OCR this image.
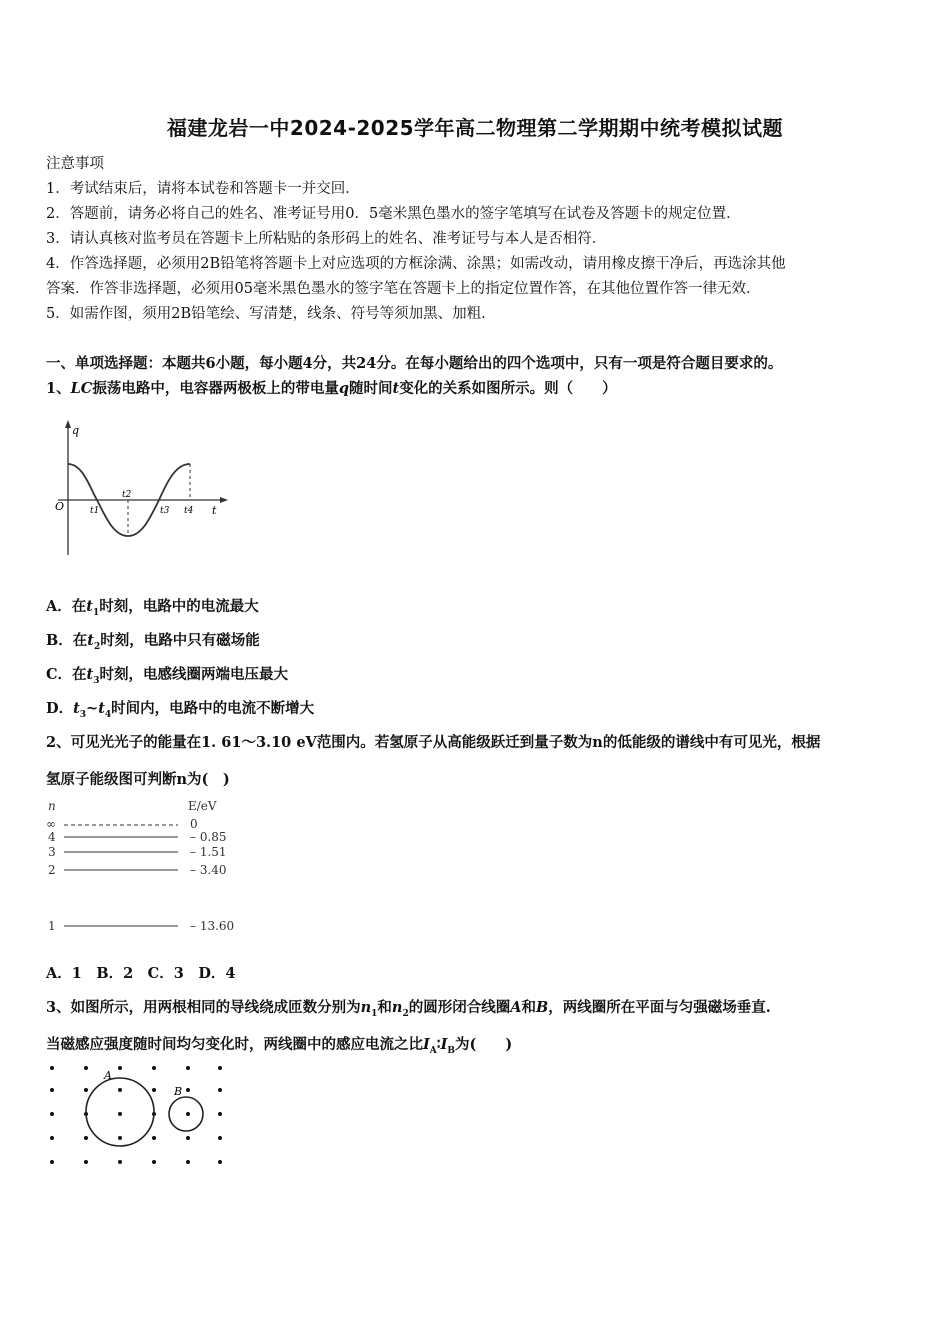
福建龙岩一中2024-2025学年高二物理第二学期期中统考模拟试题
注意事项
1．考试结束后，请将本试卷和答题卡一并交回．
2．答题前，请务必将自己的姓名、准考证号用0．5毫米黑色墨水的签字笔填写在试卷及答题卡的规定位置．
3．请认真核对监考员在答题卡上所粘贴的条形码上的姓名、准考证号与本人是否相符．
4．作答选择题，必须用2B铅笔将答题卡上对应选项的方框涂满、涂黑；如需改动，请用橡皮擦干净后，再选涂其他
答案．作答非选择题，必须用05毫米黑色墨水的签字笔在答题卡上的指定位置作答，在其他位置作答一律无效．
5．如需作图，须用2B铅笔绘、写清楚，线条、符号等须加黑、加粗．
一、单项选择题：本题共6小题，每小题4分，共24分。在每小题给出的四个选项中，只有一项是符合题目要求的。
1、LC振荡电路中，电容器两极板上的带电量q随时间t变化的关系如图所示。则（　　）
q
O	t
t1
t2
t3 t4
A．在$t_1$时刻，电路中的电流最大
B．在$t_2$时刻，电路中只有磁场能
C．在$t_3$时刻，电感线圈两端电压最大
D．$t_3\sim t_4$时间内，电路中的电流不断增大
2、可见光光子的能量在1. 61～3.10 eV范围内。若氢原子从高能级跃迁到量子数为n的低能级的谱线中有可见光，根据
氢原子能级图可判断n为(　)
n	E/eV
∞	0
4	– 0.85
3	– 1.51
2	– 3.40
1	– 13.60
A．1　B．2　C．3　D．4
3、如图所示，用两根相同的导线绕成匝数分别为$n_1$和$n_2$的圆形闭合线圈A和B，两线圈所在平面与匀强磁场垂直.
当磁感应强度随时间均匀变化时，两线圈中的感应电流之比$I_A∶I_B$为(　　)
A
B
